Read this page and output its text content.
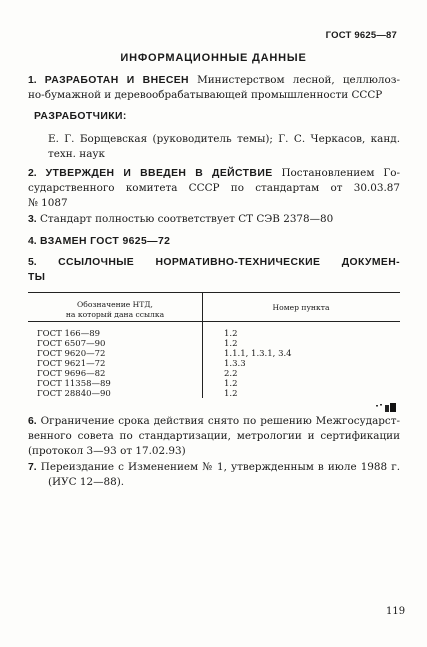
ГОСТ 9625—87
ИНФОРМАЦИОННЫЕ ДАННЫЕ
1. РАЗРАБОТАН И ВНЕСЕН Министерством лесной, целлюлоз-
но-бумажной и деревообрабатывающей промышленности СССР
РАЗРАБОТЧИКИ:
Е. Г. Борщевская (руководитель темы); Г. С. Черкасов, канд.
техн. наук
2. УТВЕРЖДЕН И ВВЕДЕН В ДЕЙСТВИЕ Постановлением Го-
сударственного комитета СССР по стандартам от 30.03.87
№ 1087
3. Стандарт полностью соответствует СТ СЭВ 2378—80
4. ВЗАМЕН ГОСТ 9625—72
5. ССЫЛОЧНЫЕ НОРМАТИВНО-ТЕХНИЧЕСКИЕ ДОКУМЕН-
ТЫ
Обозначение НТД,
на который дана ссылка
Номер пункта
ГОСТ 166—89
ГОСТ 6507—90
ГОСТ 9620—72
ГОСТ 9621—72
ГОСТ 9696—82
ГОСТ 11358—89
ГОСТ 28840—90
1.2
1.2
1.1.1, 1.3.1, 3.4
1.3.3
2.2
1.2
1.2
6. Ограничение срока действия снято по решению Межгосударст-
венного совета по стандартизации, метрологии и сертификации
(протокол 3—93 от 17.02.93)
7. Переиздание с Изменением № 1, утвержденным в июле 1988 г.
(ИУС 12—88).
119
